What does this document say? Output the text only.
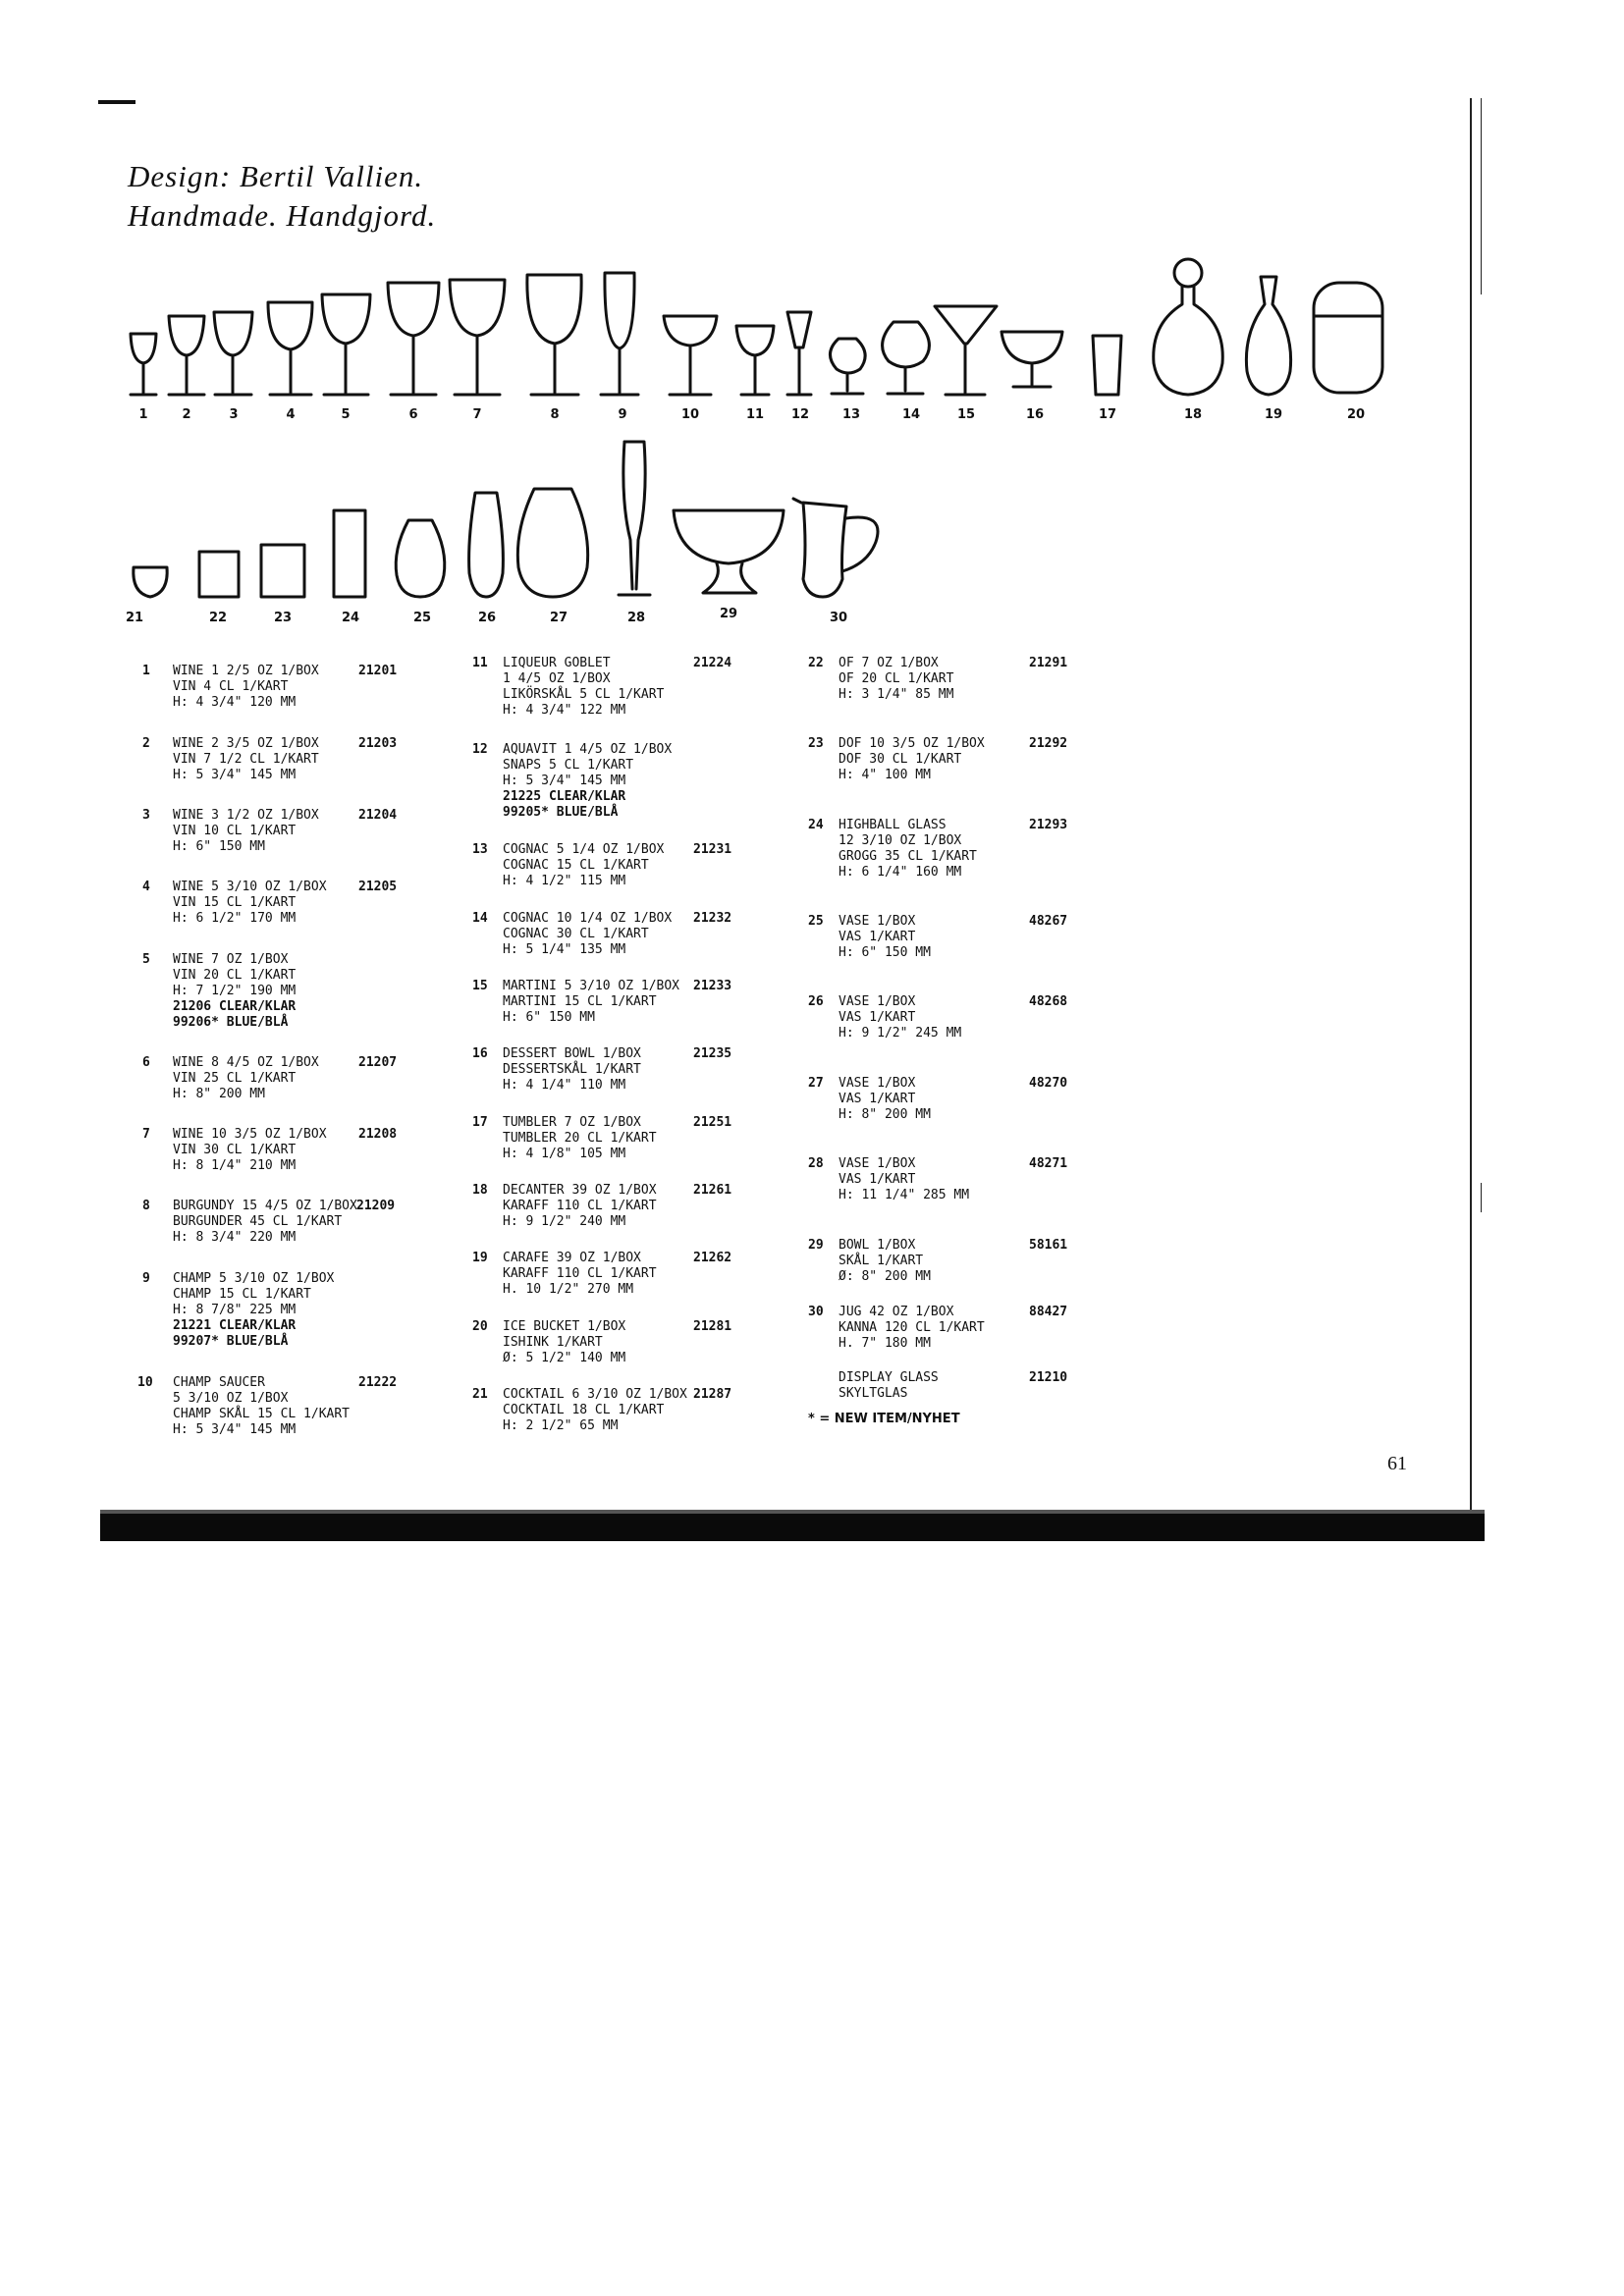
Design: Bertil Vallien.
Handmade. Handgjord.
1	2	3	4	5	6	7	8	9	10	11 12	13	14	15	16	17	18	19	20
21	22	23	24	25	26	27	28	29	30
1 WINE 1 2/5 OZ 1/BOX
VIN 4 CL 1/KART
H: 4 3/4" 120 MM
21201
2 WINE 2 3/5 OZ 1/BOX
VIN 7 1/2 CL 1/KART
H: 5 3/4" 145 MM
21203
3 WINE 3 1/2 OZ 1/BOX
VIN 10 CL 1/KART
H: 6" 150 MM
21204
4 WINE 5 3/10 OZ 1/BOX
VIN 15 CL 1/KART
H: 6 1/2" 170 MM
21205
5 WINE 7 OZ 1/BOX
VIN 20 CL 1/KART
H: 7 1/2" 190 MM
21206 CLEAR/KLAR
99206* BLUE/BLÅ
6 WINE 8 4/5 OZ 1/BOX
VIN 25 CL 1/KART
H: 8" 200 MM
21207
7 WINE 10 3/5 OZ 1/BOX
VIN 30 CL 1/KART
H: 8 1/4" 210 MM
21208
8 BURGUNDY 15 4/5 OZ 1/BOX
BURGUNDER 45 CL 1/KART
H: 8 3/4" 220 MM
21209
9 CHAMP 5 3/10 OZ 1/BOX
CHAMP 15 CL 1/KART
H: 8 7/8" 225 MM
21221 CLEAR/KLAR
99207* BLUE/BLÅ
10 CHAMP SAUCER
5 3/10 OZ 1/BOX
CHAMP SKÅL 15 CL 1/KART
H: 5 3/4" 145 MM
21222
11 LIQUEUR GOBLET
1 4/5 OZ 1/BOX
LIKÖRSKÅL 5 CL 1/KART
H: 4 3/4" 122 MM
21224
12 AQUAVIT 1 4/5 OZ 1/BOX
SNAPS 5 CL 1/KART
H: 5 3/4" 145 MM
21225 CLEAR/KLAR
99205* BLUE/BLÅ
13 COGNAC 5 1/4 OZ 1/BOX
COGNAC 15 CL 1/KART
H: 4 1/2" 115 MM
21231
14 COGNAC 10 1/4 OZ 1/BOX
COGNAC 30 CL 1/KART
H: 5 1/4" 135 MM
21232
15 MARTINI 5 3/10 OZ 1/BOX
MARTINI 15 CL 1/KART
H: 6" 150 MM
21233
16 DESSERT BOWL 1/BOX
DESSERTSKÅL 1/KART
H: 4 1/4" 110 MM
21235
17 TUMBLER 7 OZ 1/BOX
TUMBLER 20 CL 1/KART
H: 4 1/8" 105 MM
21251
18 DECANTER 39 OZ 1/BOX
KARAFF 110 CL 1/KART
H: 9 1/2" 240 MM
21261
19 CARAFE 39 OZ 1/BOX
KARAFF 110 CL 1/KART
H. 10 1/2" 270 MM
21262
20 ICE BUCKET 1/BOX
ISHINK 1/KART
Ø: 5 1/2" 140 MM
21281
21 COCKTAIL 6 3/10 OZ 1/BOX
COCKTAIL 18 CL 1/KART
H: 2 1/2" 65 MM
21287
22 OF 7 OZ 1/BOX
OF 20 CL 1/KART
H: 3 1/4" 85 MM
21291
23 DOF 10 3/5 OZ 1/BOX
DOF 30 CL 1/KART
H: 4" 100 MM
21292
24 HIGHBALL GLASS
12 3/10 OZ 1/BOX
GROGG 35 CL 1/KART
H: 6 1/4" 160 MM
21293
25 VASE 1/BOX
VAS 1/KART
H: 6" 150 MM
48267
26 VASE 1/BOX
VAS 1/KART
H: 9 1/2" 245 MM
48268
27 VASE 1/BOX
VAS 1/KART
H: 8" 200 MM
48270
28 VASE 1/BOX
VAS 1/KART
H: 11 1/4" 285 MM
48271
29 BOWL 1/BOX
SKÅL 1/KART
Ø: 8" 200 MM
58161
30 JUG 42 OZ 1/BOX
KANNA 120 CL 1/KART
H. 7" 180 MM
88427
DISPLAY GLASS
SKYLTGLAS
21210
* = NEW ITEM/NYHET
61
